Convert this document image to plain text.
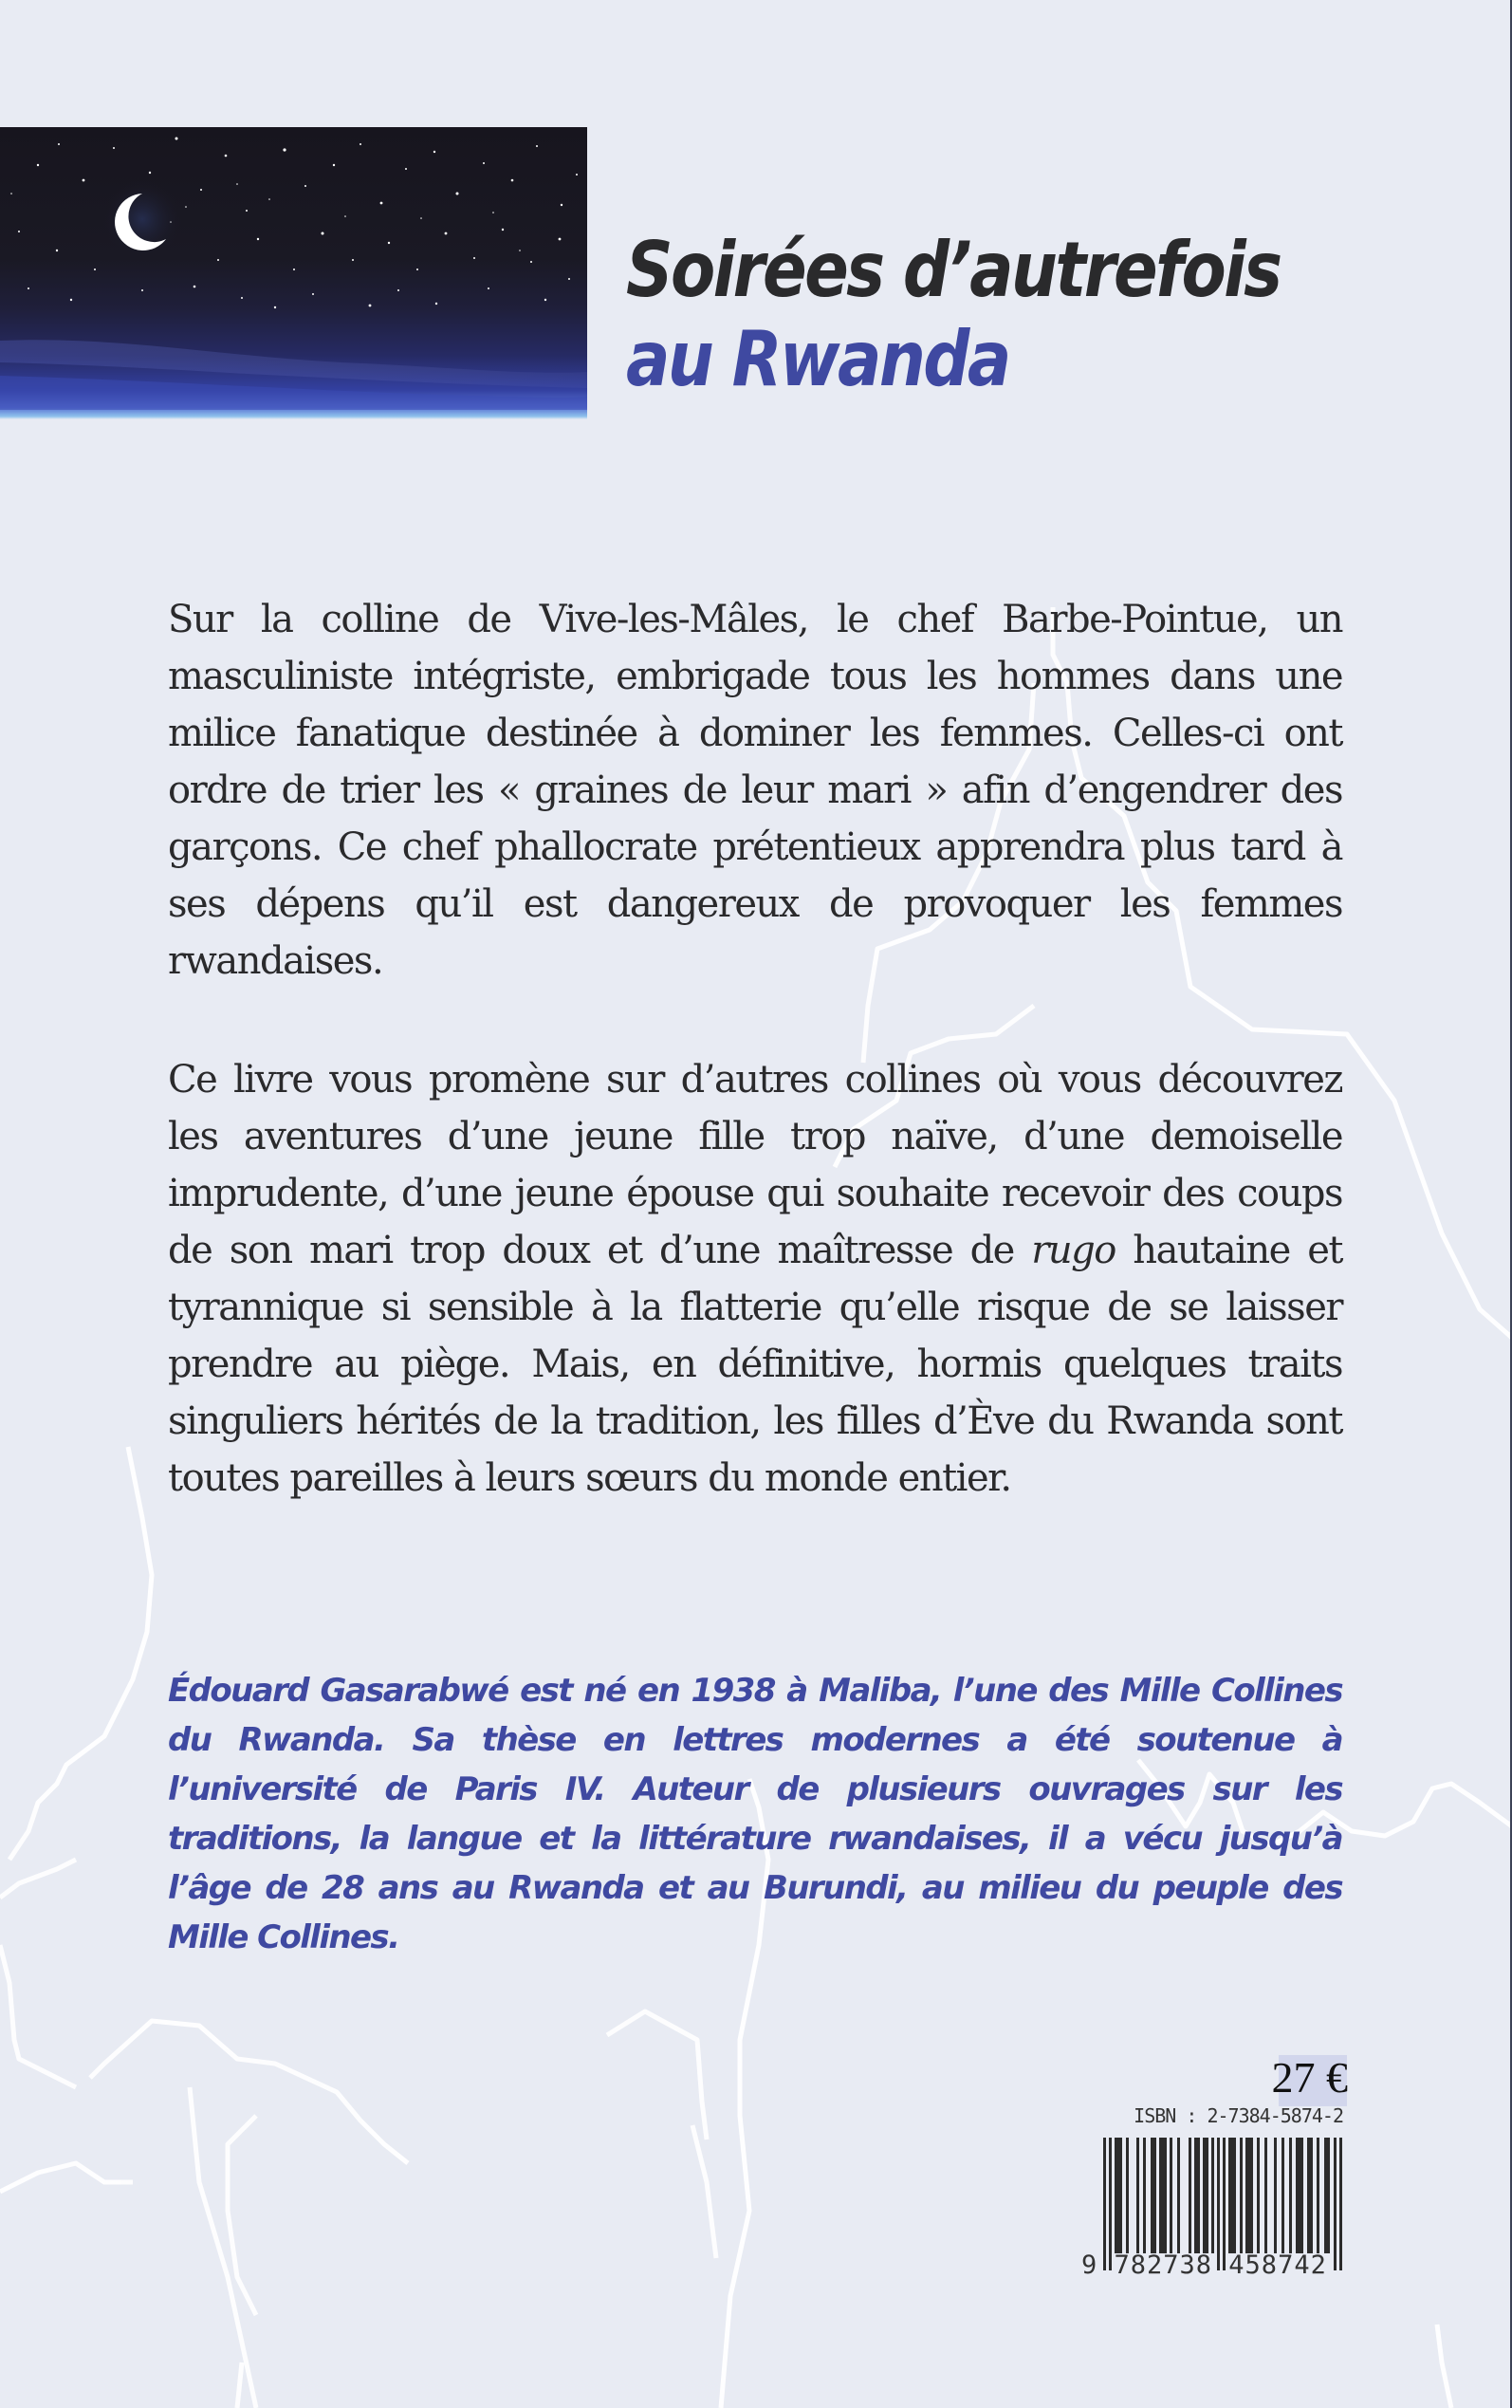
Soirées d’autrefois
au Rwanda

Sur la colline de Vive-les-Mâles, le chef Barbe-Pointue, un masculiniste intégriste, embrigade tous les hommes dans une milice fanatique destinée à dominer les femmes. Celles-ci ont ordre de trier les « graines de leur mari » afin d’engendrer des garçons. Ce chef phallocrate prétentieux apprendra plus tard à ses dépens qu’il est dangereux de provoquer les femmes rwandaises.

Ce livre vous promène sur d’autres collines où vous découvrez les aventures d’une jeune fille trop naïve, d’une demoiselle imprudente, d’une jeune épouse qui souhaite recevoir des coups de son mari trop doux et d’une maîtresse de rugo hautaine et tyrannique si sensible à la flatterie qu’elle risque de se laisser prendre au piège. Mais, en définitive, hormis quelques traits singuliers hérités de la tradition, les filles d’Ève du Rwanda sont toutes pareilles à leurs sœurs du monde entier.

Édouard Gasarabwé est né en 1938 à Maliba, l’une des Mille Collines du Rwanda. Sa thèse en lettres modernes a été soutenue à l’université de Paris IV. Auteur de plusieurs ouvrages sur les traditions, la langue et la littérature rwandaises, il a vécu jusqu’à l’âge de 28 ans au Rwanda et au Burundi, au milieu du peuple des Mille Collines.

27 €
ISBN : 2-7384-5874-2
9 782738 458742
